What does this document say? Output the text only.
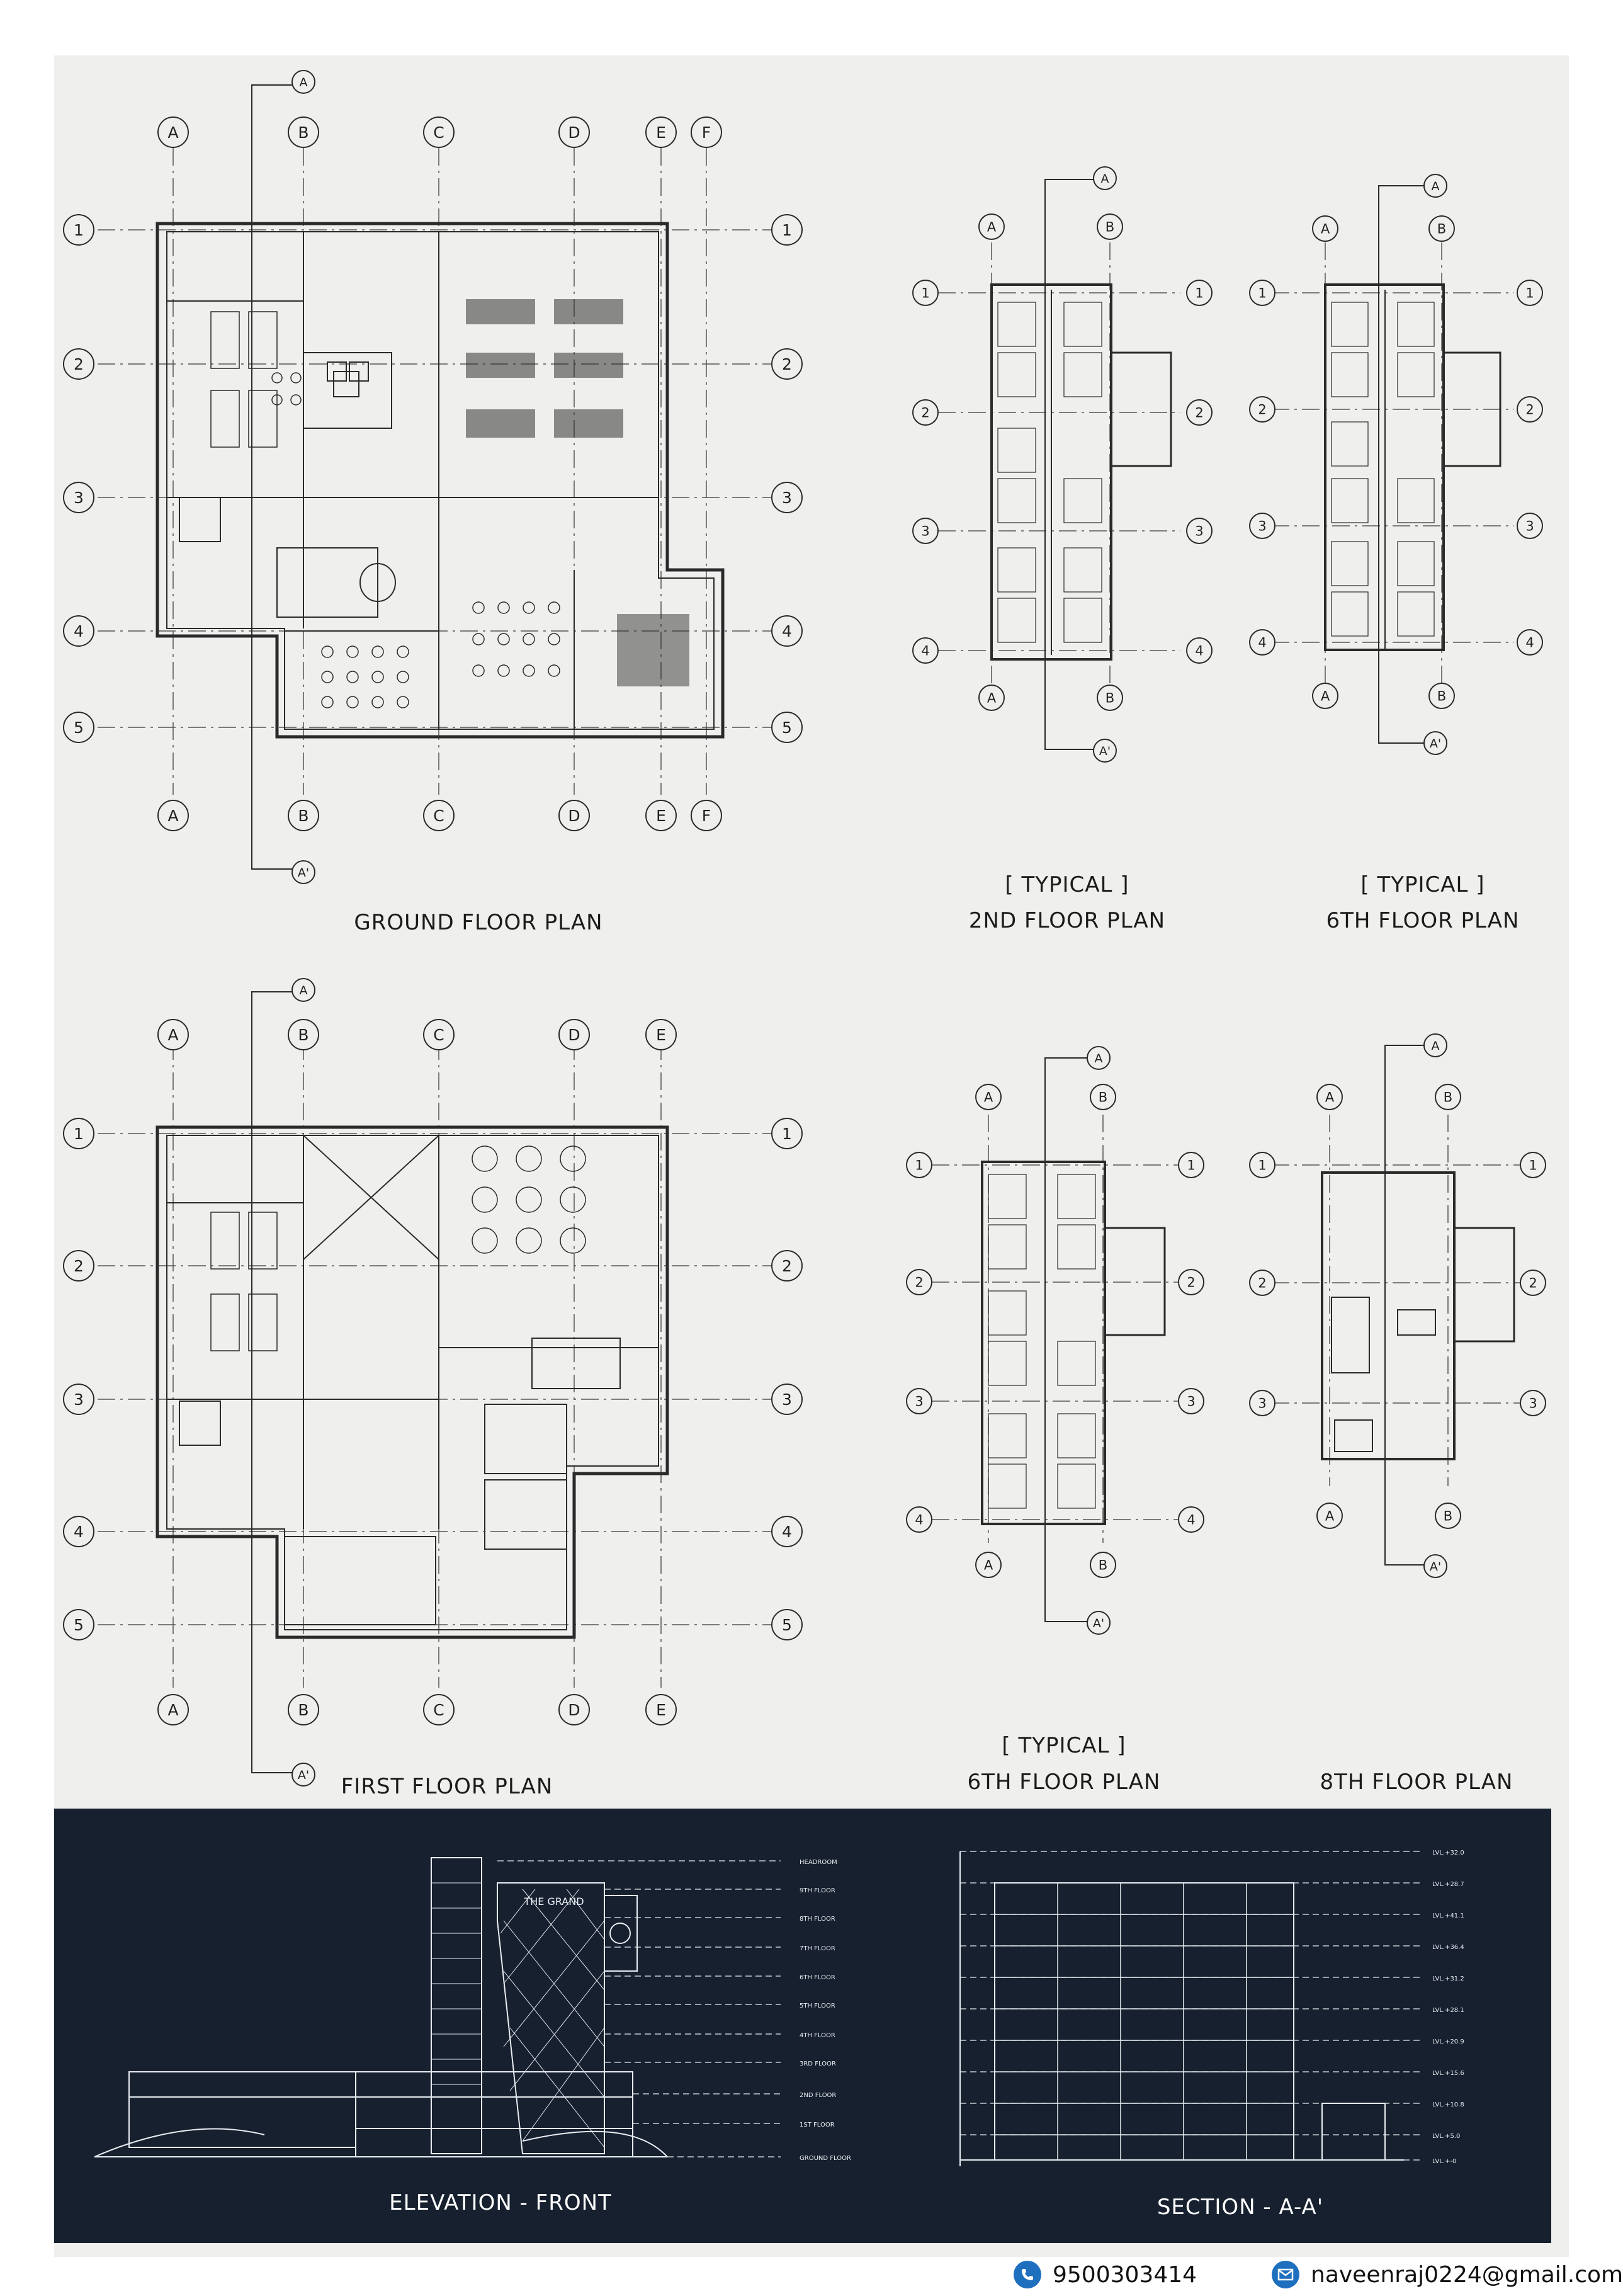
A
A
B
B
C
C
D
D
E
E
F
F
1	1
2	2
3	3
4	4
5	5
A
A
B
B
C
C
D
D
E
E
1	1
2	2
3	3
4	4
5	5
A
A
B
B
1	1
2	2
3	3
4	4
A
A
B
B
1	1
2	2
3	3
4	4
A
A
B
B
1	1
2	2
3	3
4	4
A
A
B
B
1	1
2	2
3	3
A
A'
A
A'
A
A'
A
A'
A
A'
A
A'
HEADROOM
9TH FLOOR
8TH FLOOR
7TH FLOOR
6TH FLOOR
5TH FLOOR
4TH FLOOR
3RD FLOOR
2ND FLOOR
1ST FLOOR
GROUND FLOOR
LVL.+32.0
LVL.+28.7
LVL.+41.1
LVL.+36.4
LVL.+31.2
LVL.+28.1
LVL.+20.9
LVL.+15.6
LVL.+10.8
LVL.+5.0
LVL.+-0
THE GRAND
GROUND FLOOR PLAN
[ TYPICAL ]
2ND FLOOR PLAN
[ TYPICAL ]
6TH FLOOR PLAN
FIRST FLOOR PLAN
[ TYPICAL ]
6TH FLOOR PLAN	8TH FLOOR PLAN
ELEVATION - FRONT	SECTION - A-A'
9500303414	naveenraj0224@gmail.com
